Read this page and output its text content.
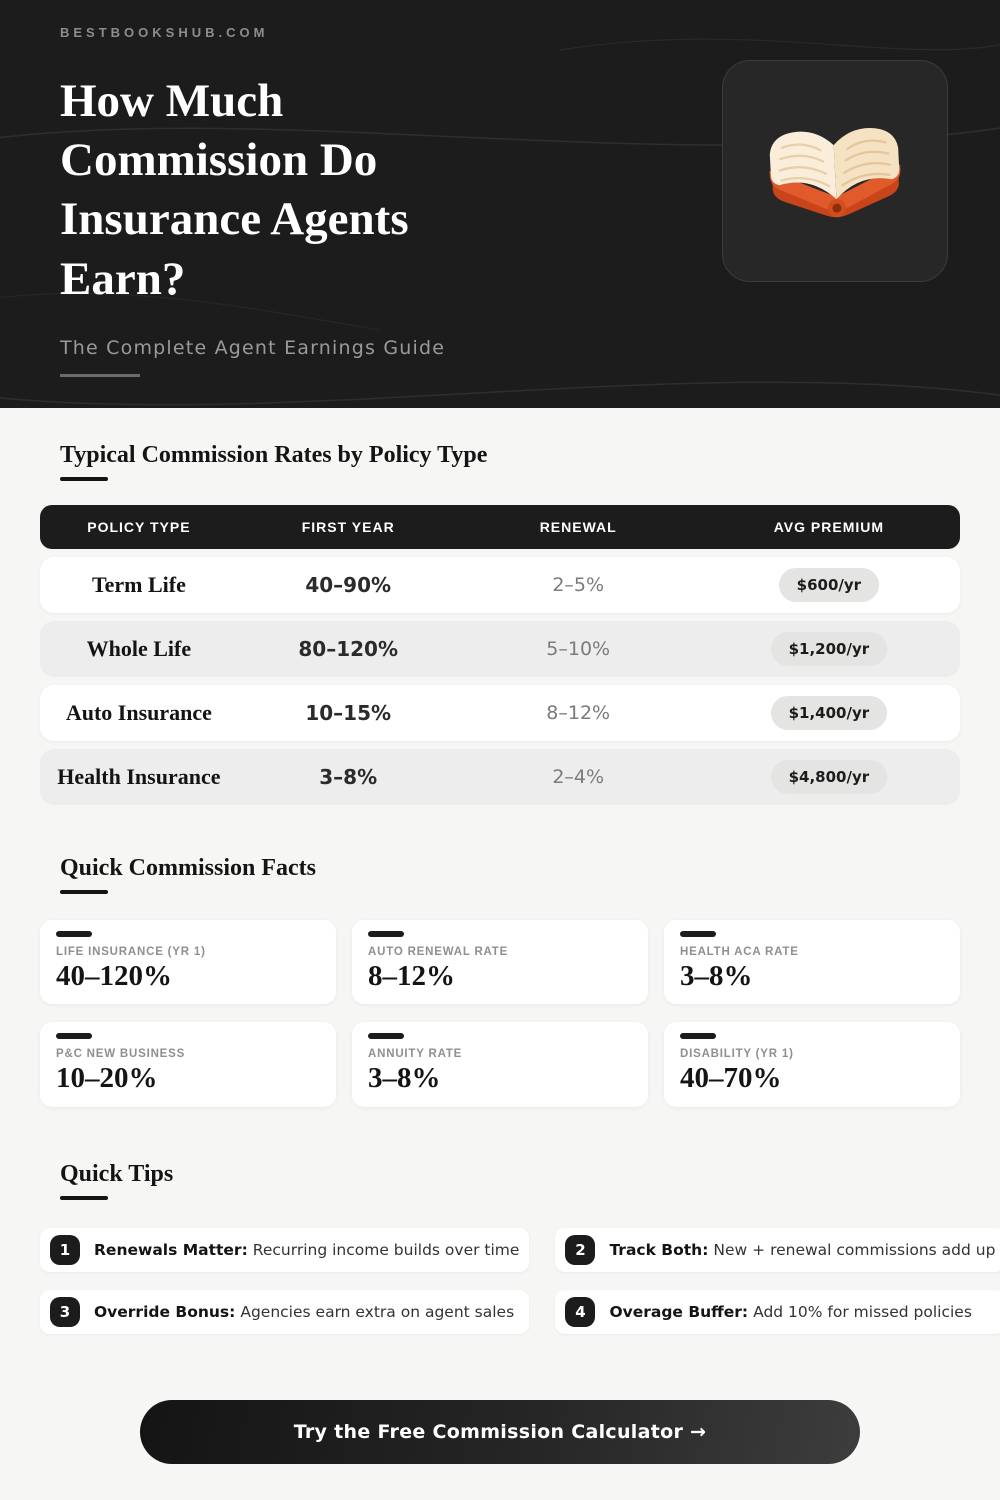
BESTBOOKSHUB.COM
How Much
Commission Do
Insurance Agents
Earn?
The Complete Agent Earnings Guide
Typical Commission Rates by Policy Type
POLICY TYPE	FIRST YEAR	RENEWAL	AVG PREMIUM
Term Life	40–90%	2–5%	$600/yr
Whole Life	80–120%	5–10%	$1,200/yr
Auto Insurance	10–15%	8–12%	$1,400/yr
Health Insurance	3–8%	2–4%	$4,800/yr
Quick Commission Facts
LIFE INSURANCE (YR 1)
40–120%
AUTO RENEWAL RATE
8–12%
HEALTH ACA RATE
3–8%
P&C NEW BUSINESS
10–20%
ANNUITY RATE
3–8%
DISABILITY (YR 1)
40–70%
Quick Tips
1	Renewals Matter: Recurring income builds over time	2	Track Both: New + renewal commissions add up
3	Override Bonus: Agencies earn extra on agent sales	4	Overage Buffer: Add 10% for missed policies
Try the Free Commission Calculator →
